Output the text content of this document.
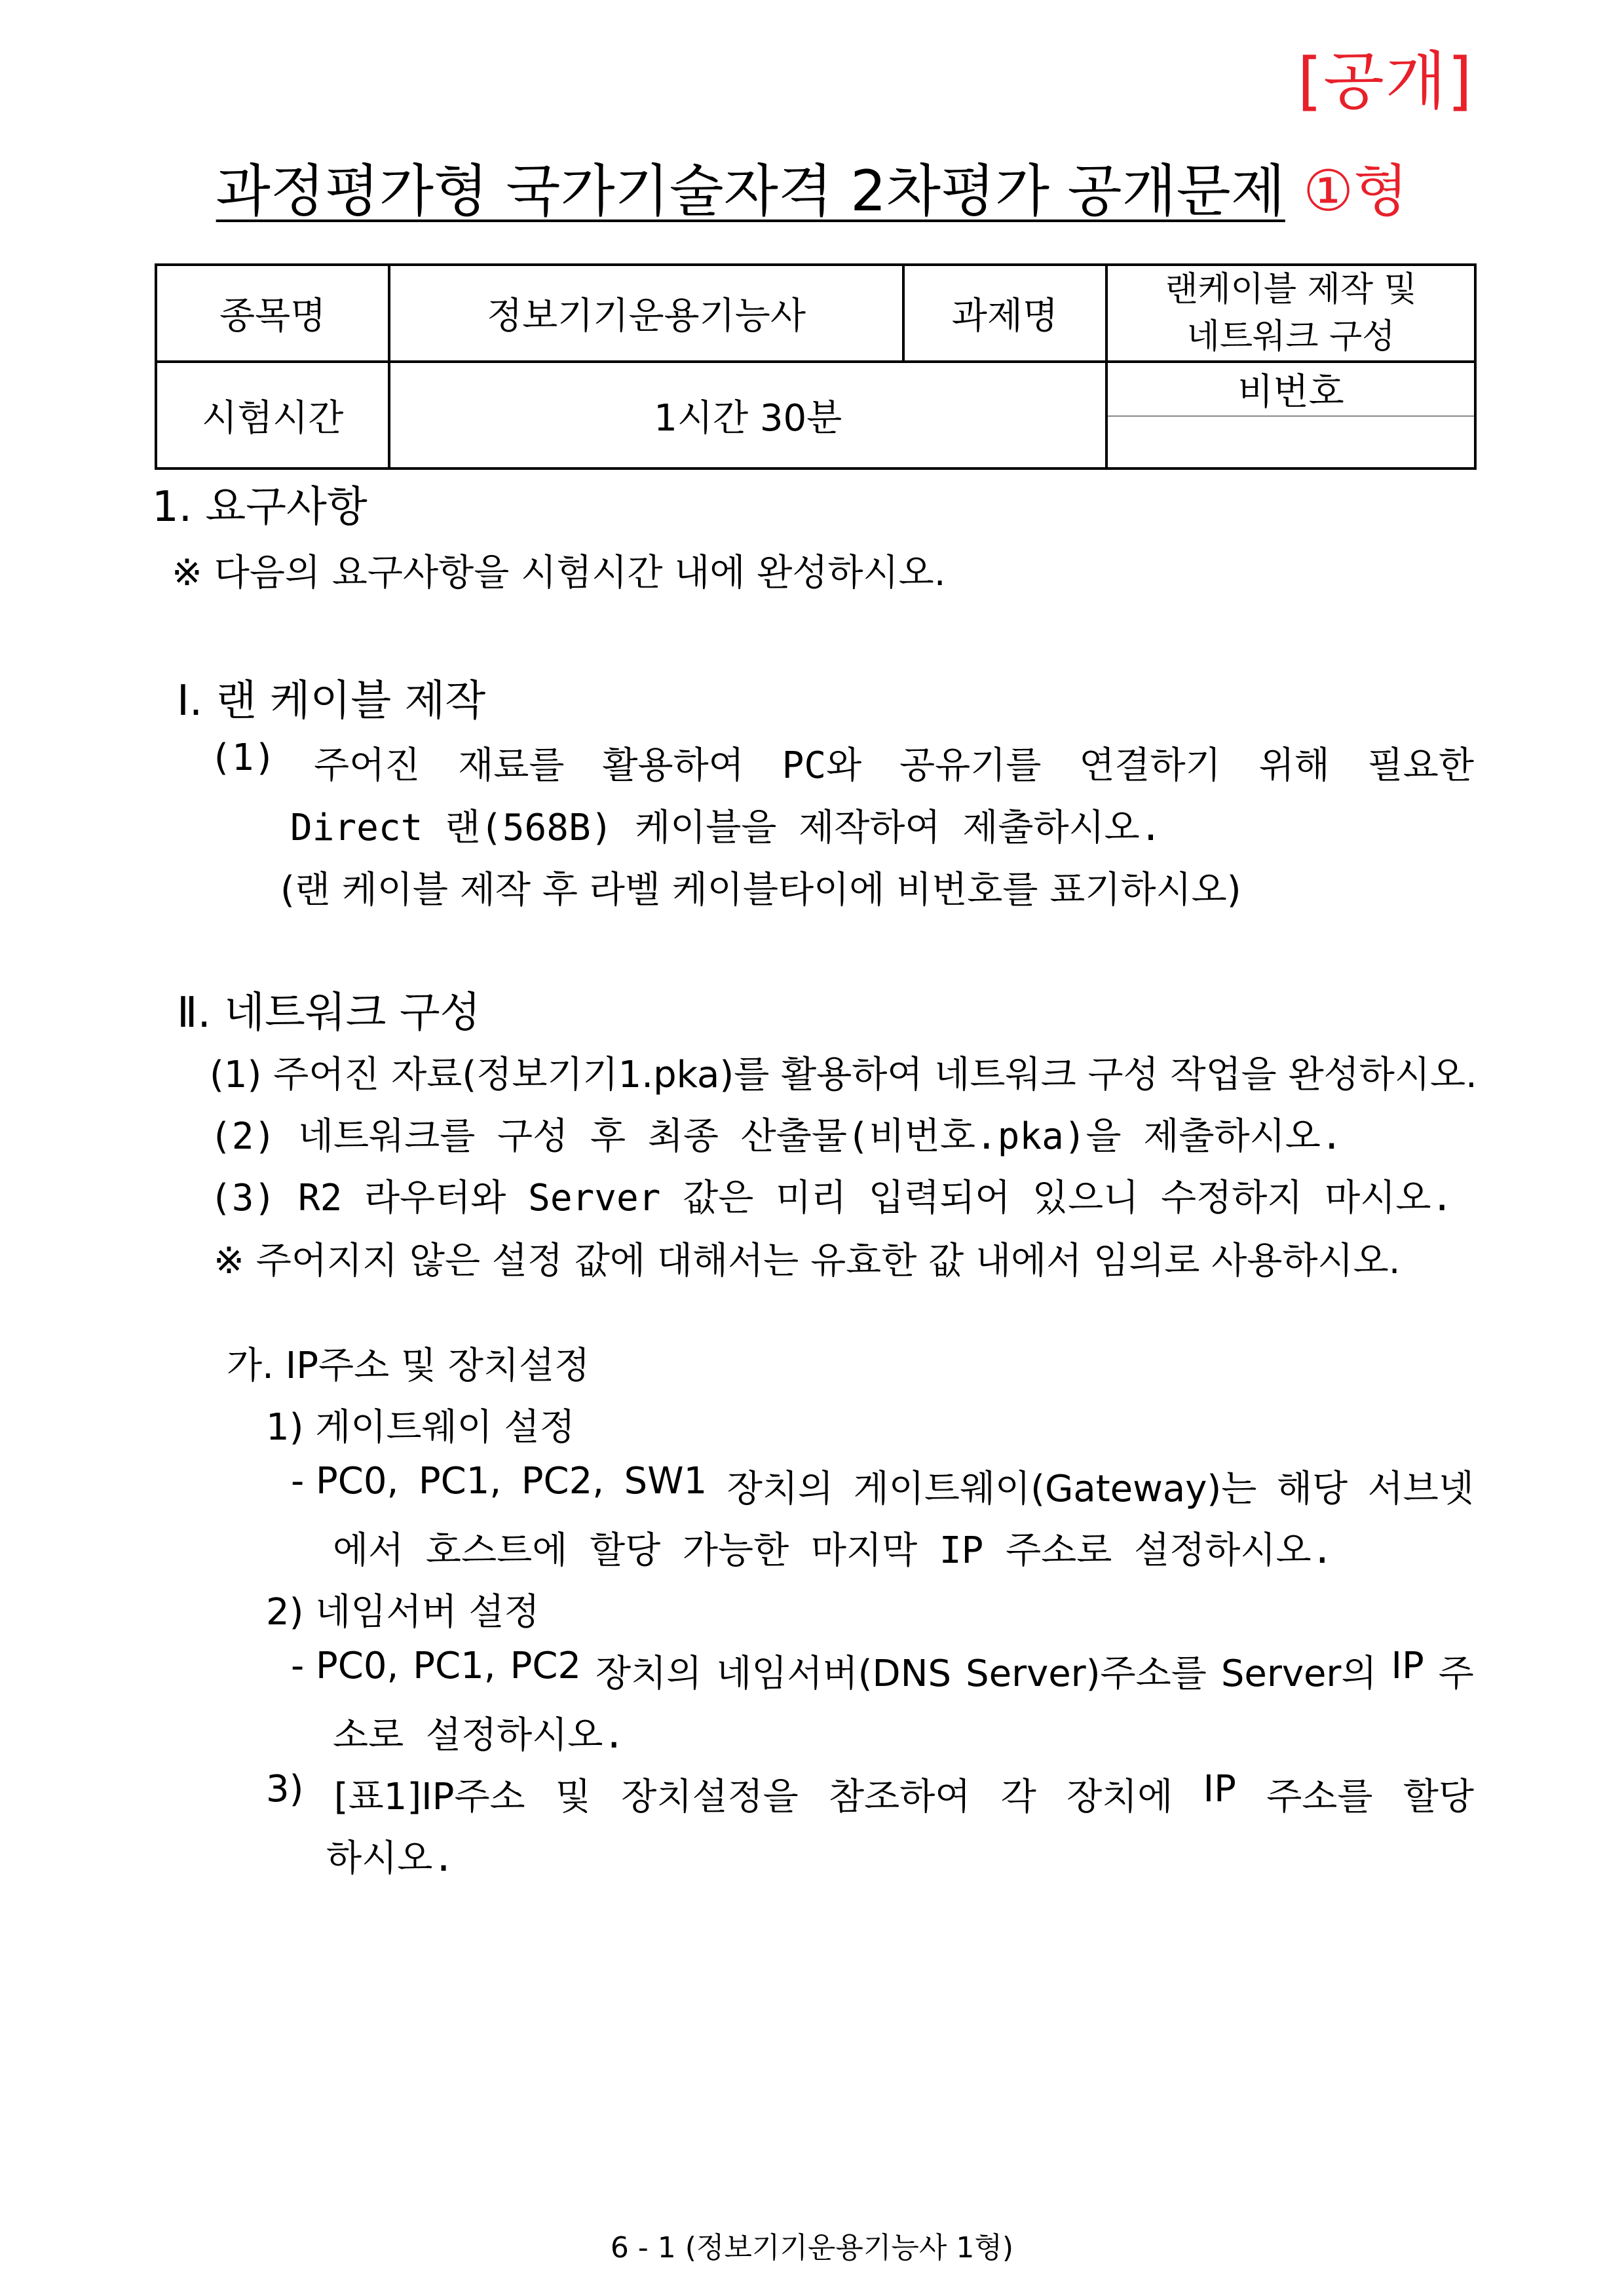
[공개]
과정평가형 국가기술자격 2차평가 공개문제 ①형
종목명	정보기기운용기능사	과제명	랜케이블 제작 및
네트워크 구성

시험시간	1시간 30분		비번호

1. 요구사항
※ 다음의 요구사항을 시험시간 내에 완성하시오.
Ⅰ. 랜 케이블 제작
(1) 주어진 재료를 활용하여 PC와 공유기를 연결하기 위해 필요한
Direct 랜(568B) 케이블을 제작하여 제출하시오.
(랜 케이블 제작 후 라벨 케이블타이에 비번호를 표기하시오)
Ⅱ. 네트워크 구성
(1) 주어진 자료(정보기기1.pka)를 활용하여 네트워크 구성 작업을 완성하시오.
(2) 네트워크를 구성 후 최종 산출물(비번호.pka)을 제출하시오.
(3) R2 라우터와 Server 값은 미리 입력되어 있으니 수정하지 마시오.
※ 주어지지 않은 설정 값에 대해서는 유효한 값 내에서 임의로 사용하시오.
가. IP주소 및 장치설정
1) 게이트웨이 설정
- PC0, PC1, PC2, SW1 장치의 게이트웨이(Gateway)는 해당 서브넷
에서 호스트에 할당 가능한 마지막 IP 주소로 설정하시오.
2) 네임서버 설정
- PC0, PC1, PC2 장치의 네임서버(DNS Server)주소를 Server의 IP 주
소로 설정하시오.
3) [표1]IP주소 및 장치설정을 참조하여 각 장치에 IP 주소를 할당
하시오.
6 - 1 (정보기기운용기능사 1형)
